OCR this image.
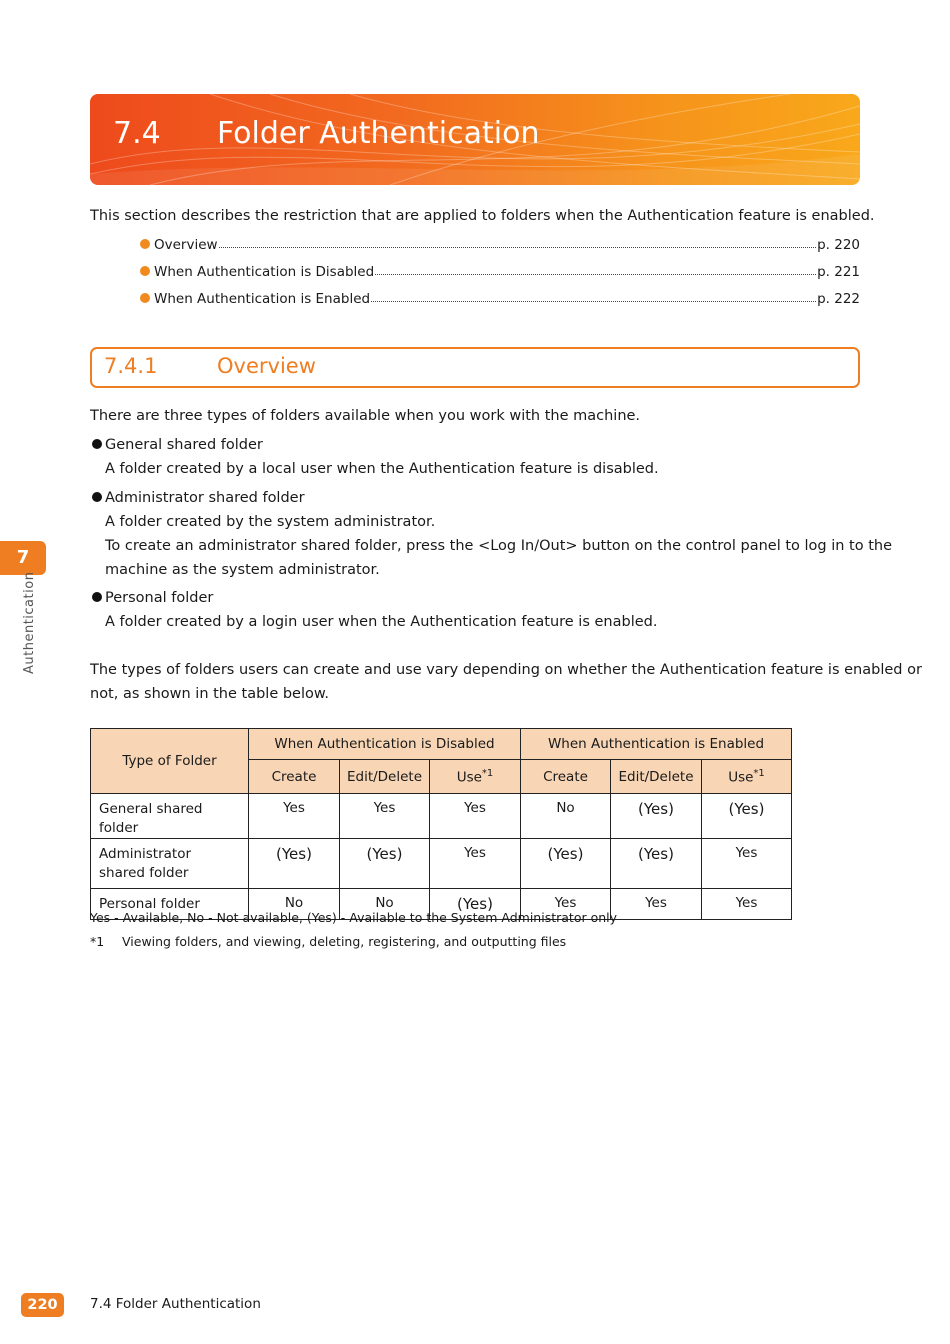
7.4 Folder Authentication
This section describes the restriction that are applied to folders when the Authentication feature is enabled.
Overview	p. 220
When Authentication is Disabled	p. 221
When Authentication is Enabled	p. 222
7.4.1	Overview
There are three types of folders available when you work with the machine.
General shared folder
A folder created by a local user when the Authentication feature is disabled.
Administrator shared folder
A folder created by the system administrator.
To create an administrator shared folder, press the <Log In/Out> button on the control panel to log in to the
machine as the system administrator.
Personal folder
A folder created by a login user when the Authentication feature is enabled.
The types of folders users can create and use vary depending on whether the Authentication feature is enabled or
not, as shown in the table below.
7
Authentication
Type of Folder	When Authentication is Disabled			When Authentication is Enabled		
	Create	Edit/Delete	Use$^{*1}$	Create	Edit/Delete	Use$^{*1}$
General shared folder	Yes	Yes	Yes	No	(Yes)	(Yes)
Administrator shared folder	(Yes)	(Yes)	Yes	(Yes)	(Yes)	Yes
Personal folder	No	No	(Yes)	Yes	Yes	Yes
Yes - Available, No - Not available, (Yes) - Available to the System Administrator only
*1 Viewing folders, and viewing, deleting, registering, and outputting files
220	7.4 Folder Authentication
